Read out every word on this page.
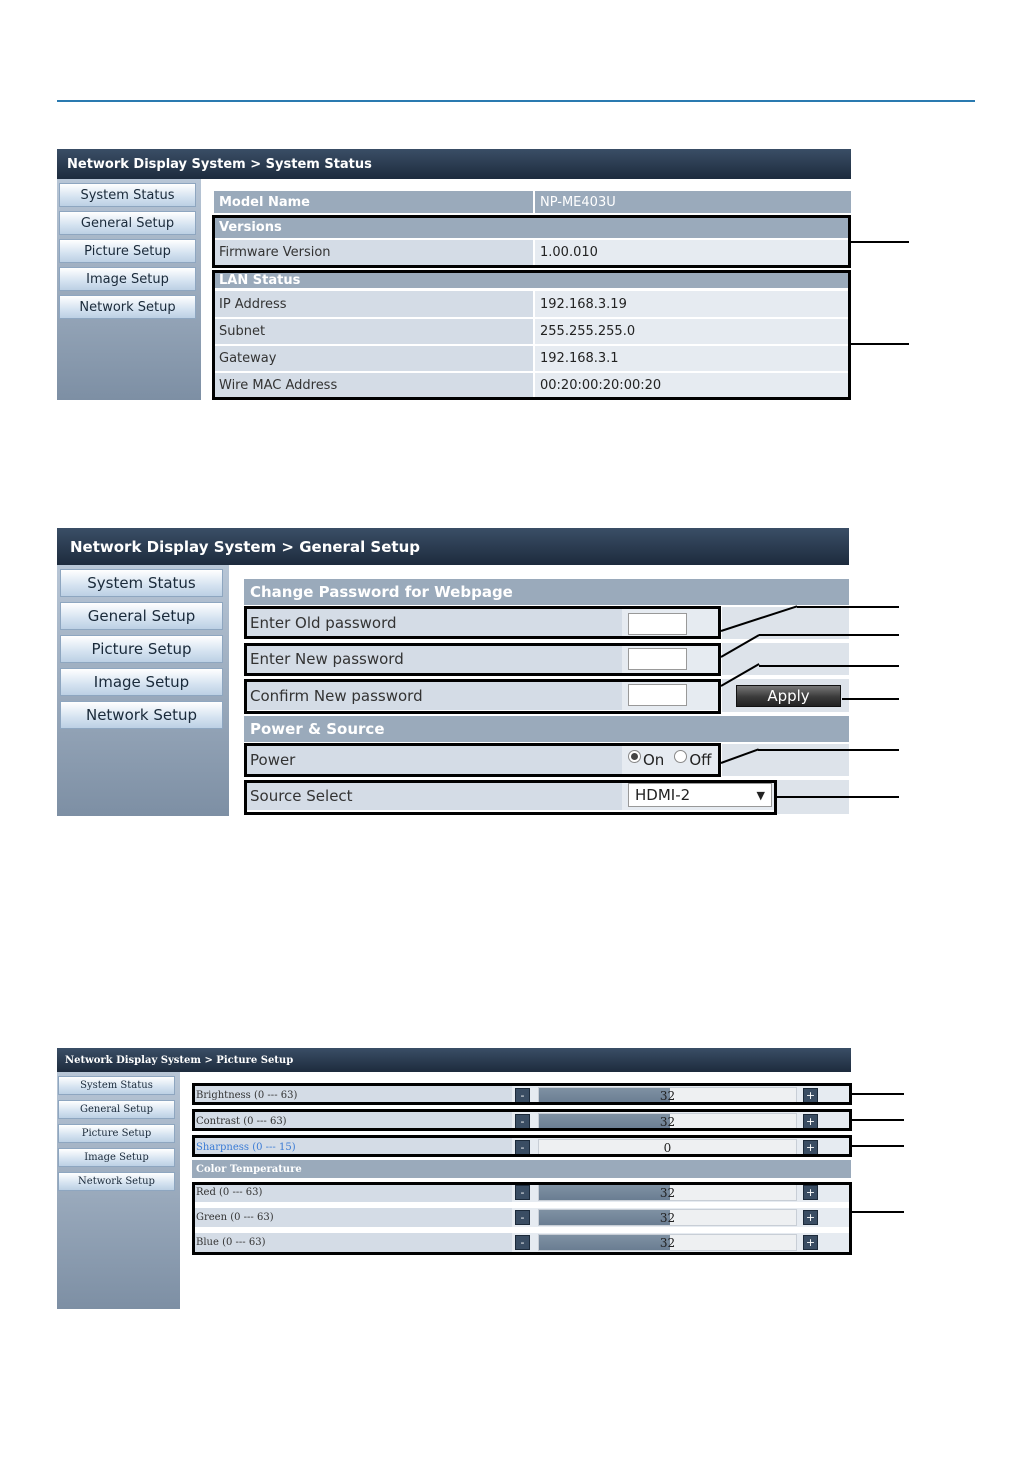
Network Display System > System Status
System Status
General Setup
Picture Setup
Image Setup
Network Setup
Model Name	NP-ME403U
Versions
Firmware Version	1.00.010
LAN Status
IP Address	192.168.3.19
Subnet	255.255.255.0
Gateway	192.168.3.1
Wire MAC Address	00:20:00:20:00:20
Network Display System > General Setup
System Status
General Setup
Picture Setup
Image Setup
Network Setup
Change Password for Webpage
Enter Old password
Enter New password
Confirm New password	Apply
Power & Source
Power	On Off
Source Select	HDMI-2	▼
Network Display System > Picture Setup
System Status
General Setup
Picture Setup
Image Setup
Network Setup
Brightness (0 --- 63)	-	32	+
Contrast (0 --- 63)	-	32	+
Sharpness (0 --- 15)	-	0	+
Red (0 --- 63)	-	32	+
Green (0 --- 63)	-	32	+
Blue (0 --- 63)	-	32	+
Color Temperature
